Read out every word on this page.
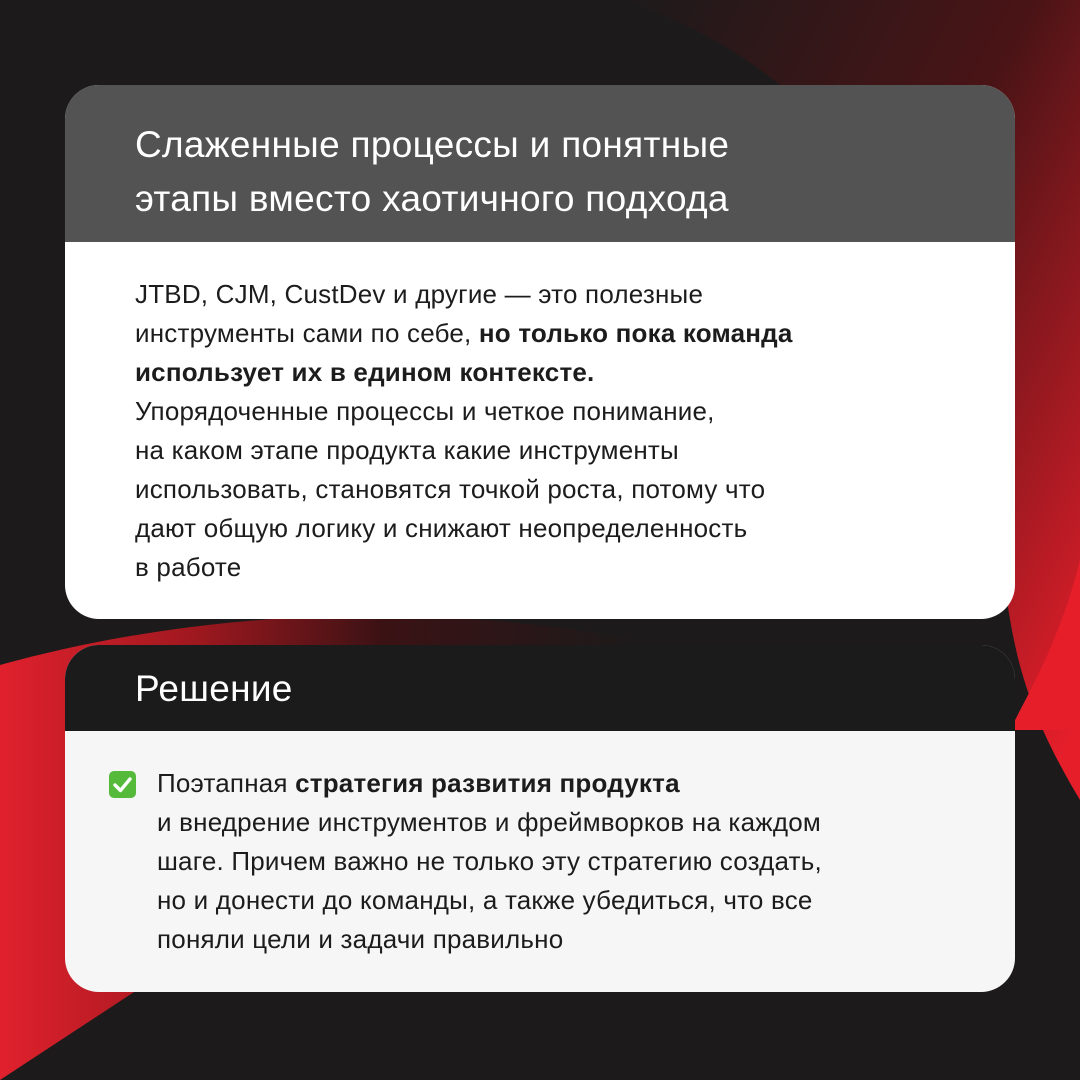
Слаженные процессы и понятные
этапы вместо хаотичного подхода
JTBD, CJM, CustDev и другие — это полезные
инструменты сами по себе, но только пока команда
использует их в едином контексте.
Упорядоченные процессы и четкое понимание,
на каком этапе продукта какие инструменты
использовать, становятся точкой роста, потому что
дают общую логику и снижают неопределенность
в работе
Решение
Поэтапная стратегия развития продукта
и внедрение инструментов и фреймворков на каждом
шаге. Причем важно не только эту стратегию создать,
но и донести до команды, а также убедиться, что все
поняли цели и задачи правильно
